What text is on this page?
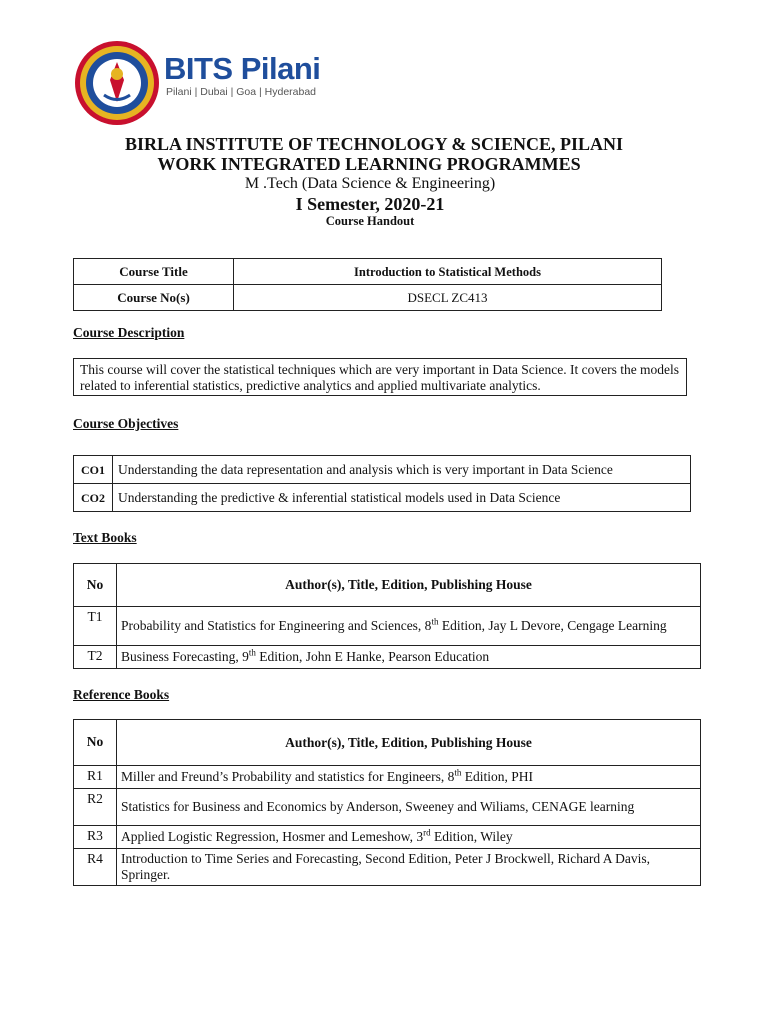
BITS Pilani
Pilani | Dubai | Goa | Hyderabad
BIRLA INSTITUTE OF TECHNOLOGY & SCIENCE, PILANI
WORK INTEGRATED LEARNING PROGRAMMES
M .Tech (Data Science & Engineering)
I Semester, 2020-21
Course Handout
Course Title	Introduction to Statistical Methods
Course No(s)	DSECL ZC413
Course Description
This course will cover the statistical techniques which are very important in Data Science. It covers the models related to inferential statistics, predictive analytics and applied multivariate analytics.
Course Objectives
CO1	Understanding the data representation and analysis which is very important in Data Science
CO2	Understanding the predictive & inferential statistical models used in Data Science
Text Books
No	Author(s), Title, Edition, Publishing House
T1	Probability and Statistics for Engineering and Sciences, 8th Edition, Jay L Devore, Cengage Learning
T2	Business Forecasting, 9th Edition, John E Hanke, Pearson Education
Reference Books
No	Author(s), Title, Edition, Publishing House
R1	Miller and Freund’s Probability and statistics for Engineers, 8th Edition, PHI
R2	Statistics for Business and Economics by Anderson, Sweeney and Wiliams, CENAGE learning
R3	Applied Logistic Regression, Hosmer and Lemeshow, 3rd Edition, Wiley
R4	Introduction to Time Series and Forecasting, Second Edition, Peter J Brockwell, Richard A Davis, Springer.
